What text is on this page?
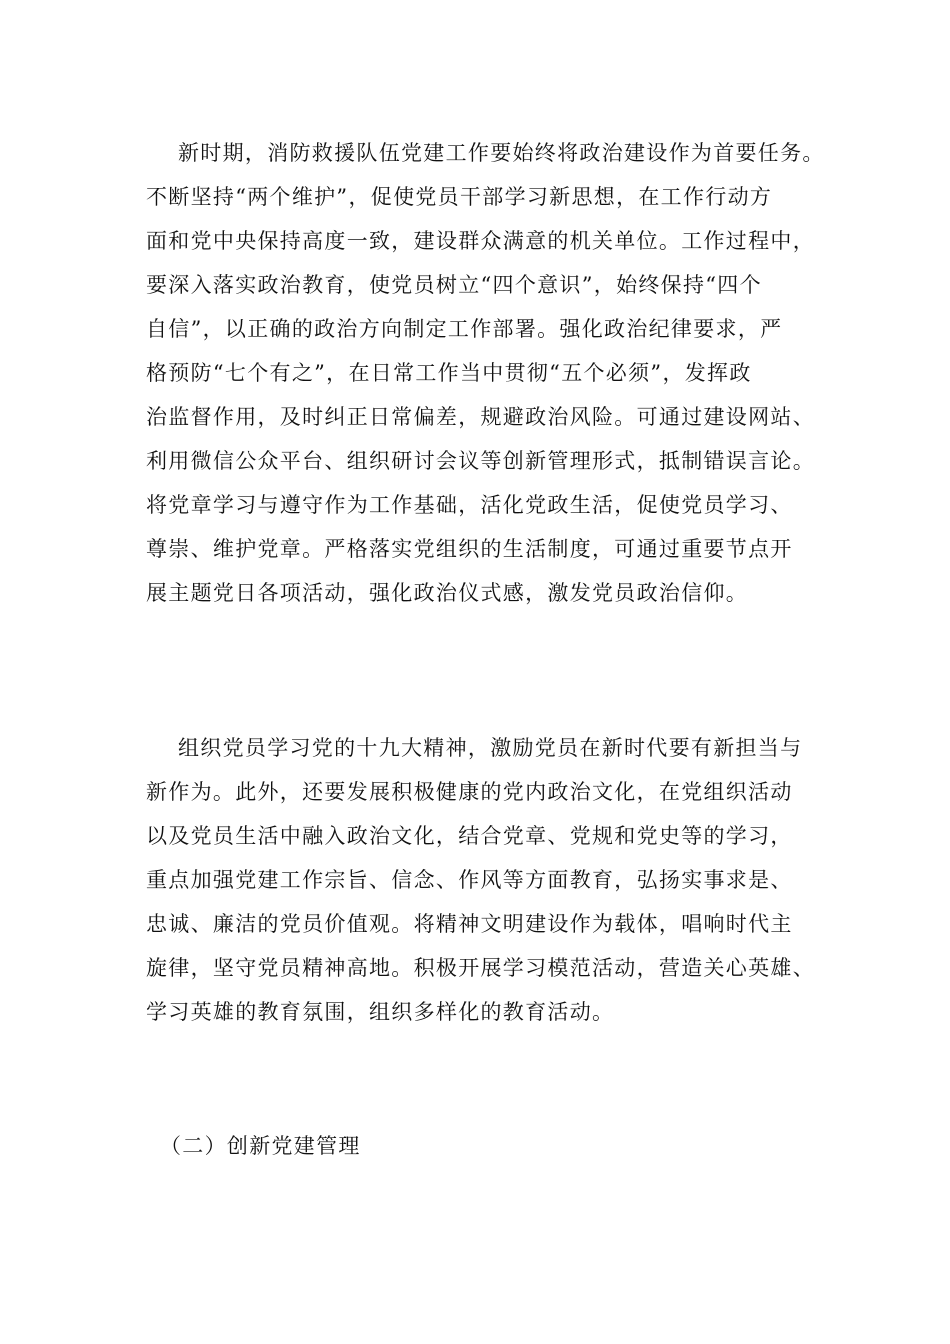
新时期，消防救援队伍党建工作要始终将政治建设作为首要任务。
不断坚持“两个维护”，促使党员干部学习新思想，在工作行动方
面和党中央保持高度一致，建设群众满意的机关单位。工作过程中，
要深入落实政治教育，使党员树立“四个意识”，始终保持“四个
自信”，以正确的政治方向制定工作部署。强化政治纪律要求，严
格预防“七个有之”，在日常工作当中贯彻“五个必须”，发挥政
治监督作用，及时纠正日常偏差，规避政治风险。可通过建设网站、
利用微信公众平台、组织研讨会议等创新管理形式，抵制错误言论。
将党章学习与遵守作为工作基础，活化党政生活，促使党员学习、
尊崇、维护党章。严格落实党组织的生活制度，可通过重要节点开
展主题党日各项活动，强化政治仪式感，激发党员政治信仰。
组织党员学习党的十九大精神，激励党员在新时代要有新担当与
新作为。此外，还要发展积极健康的党内政治文化，在党组织活动
以及党员生活中融入政治文化，结合党章、党规和党史等的学习，
重点加强党建工作宗旨、信念、作风等方面教育，弘扬实事求是、
忠诚、廉洁的党员价值观。将精神文明建设作为载体，唱响时代主
旋律，坚守党员精神高地。积极开展学习模范活动，营造关心英雄、
学习英雄的教育氛围，组织多样化的教育活动。
（二）创新党建管理
